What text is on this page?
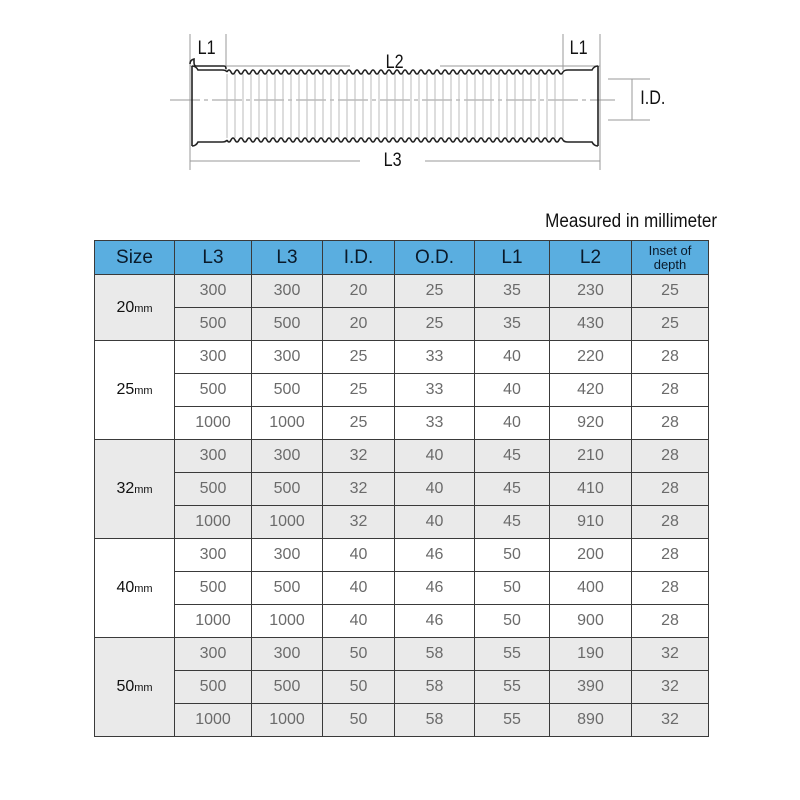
L1
L2
L1
I.D.
L3
Measured in millimeter
Size	L3	L3	I.D.	O.D.	L1	L2	Inset of depth
20mm	300	300	20	25	35	230	25
	500	500	20	25	35	430	25
25mm	300	300	25	33	40	220	28
	500	500	25	33	40	420	28
	1000	1000	25	33	40	920	28
32mm	300	300	32	40	45	210	28
	500	500	32	40	45	410	28
	1000	1000	32	40	45	910	28
40mm	300	300	40	46	50	200	28
	500	500	40	46	50	400	28
	1000	1000	40	46	50	900	28
50mm	300	300	50	58	55	190	32
	500	500	50	58	55	390	32
	1000	1000	50	58	55	890	32
